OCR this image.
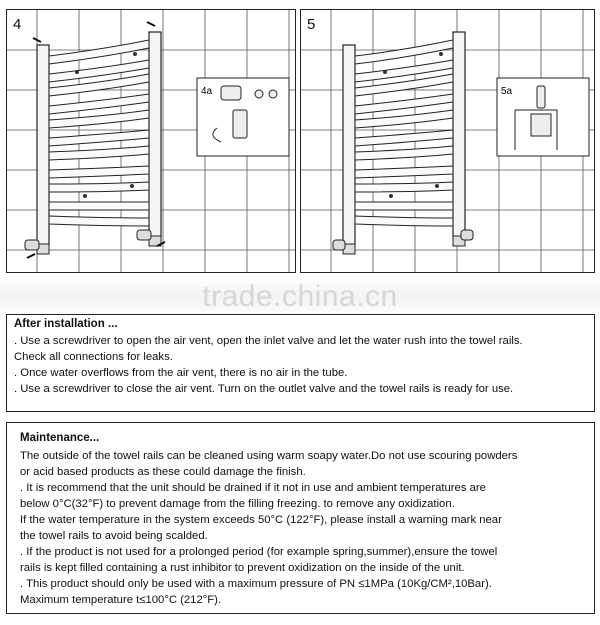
4a
4
5a
5
trade.china.cn

After installation ...

. Use a screwdriver to open the air vent, open the inlet valve and let the water rush into the towel rails.

Check all connections for leaks.

. Once water overflows from the air vent, there is no air in the tube.

. Use a screwdriver to close the air vent. Turn on the outlet valve and the towel rails is ready for use.

Maintenance...

The outside of the towel rails can be cleaned using warm soapy water.Do not use scouring powders

or acid based products as these could damage the finish.

. It is recommend that the unit should be drained if it not in use and ambient temperatures are

below 0°C(32°F) to prevent damage from the filling freezing. to remove any oxidization.

If the water temperature in the system exceeds 50°C (122°F), please install a warning mark near

the towel rails to avoid being scalded.

. If the product is not used for a prolonged period (for example spring,summer),ensure the towel

rails is kept filled containing a rust inhibitor to prevent oxidization on the inside of the unit.

. This product should only be used with a maximum pressure of PN ≤1MPa (10Kg/CM²,10Bar).

Maximum temperature t≤100°C (212°F).
